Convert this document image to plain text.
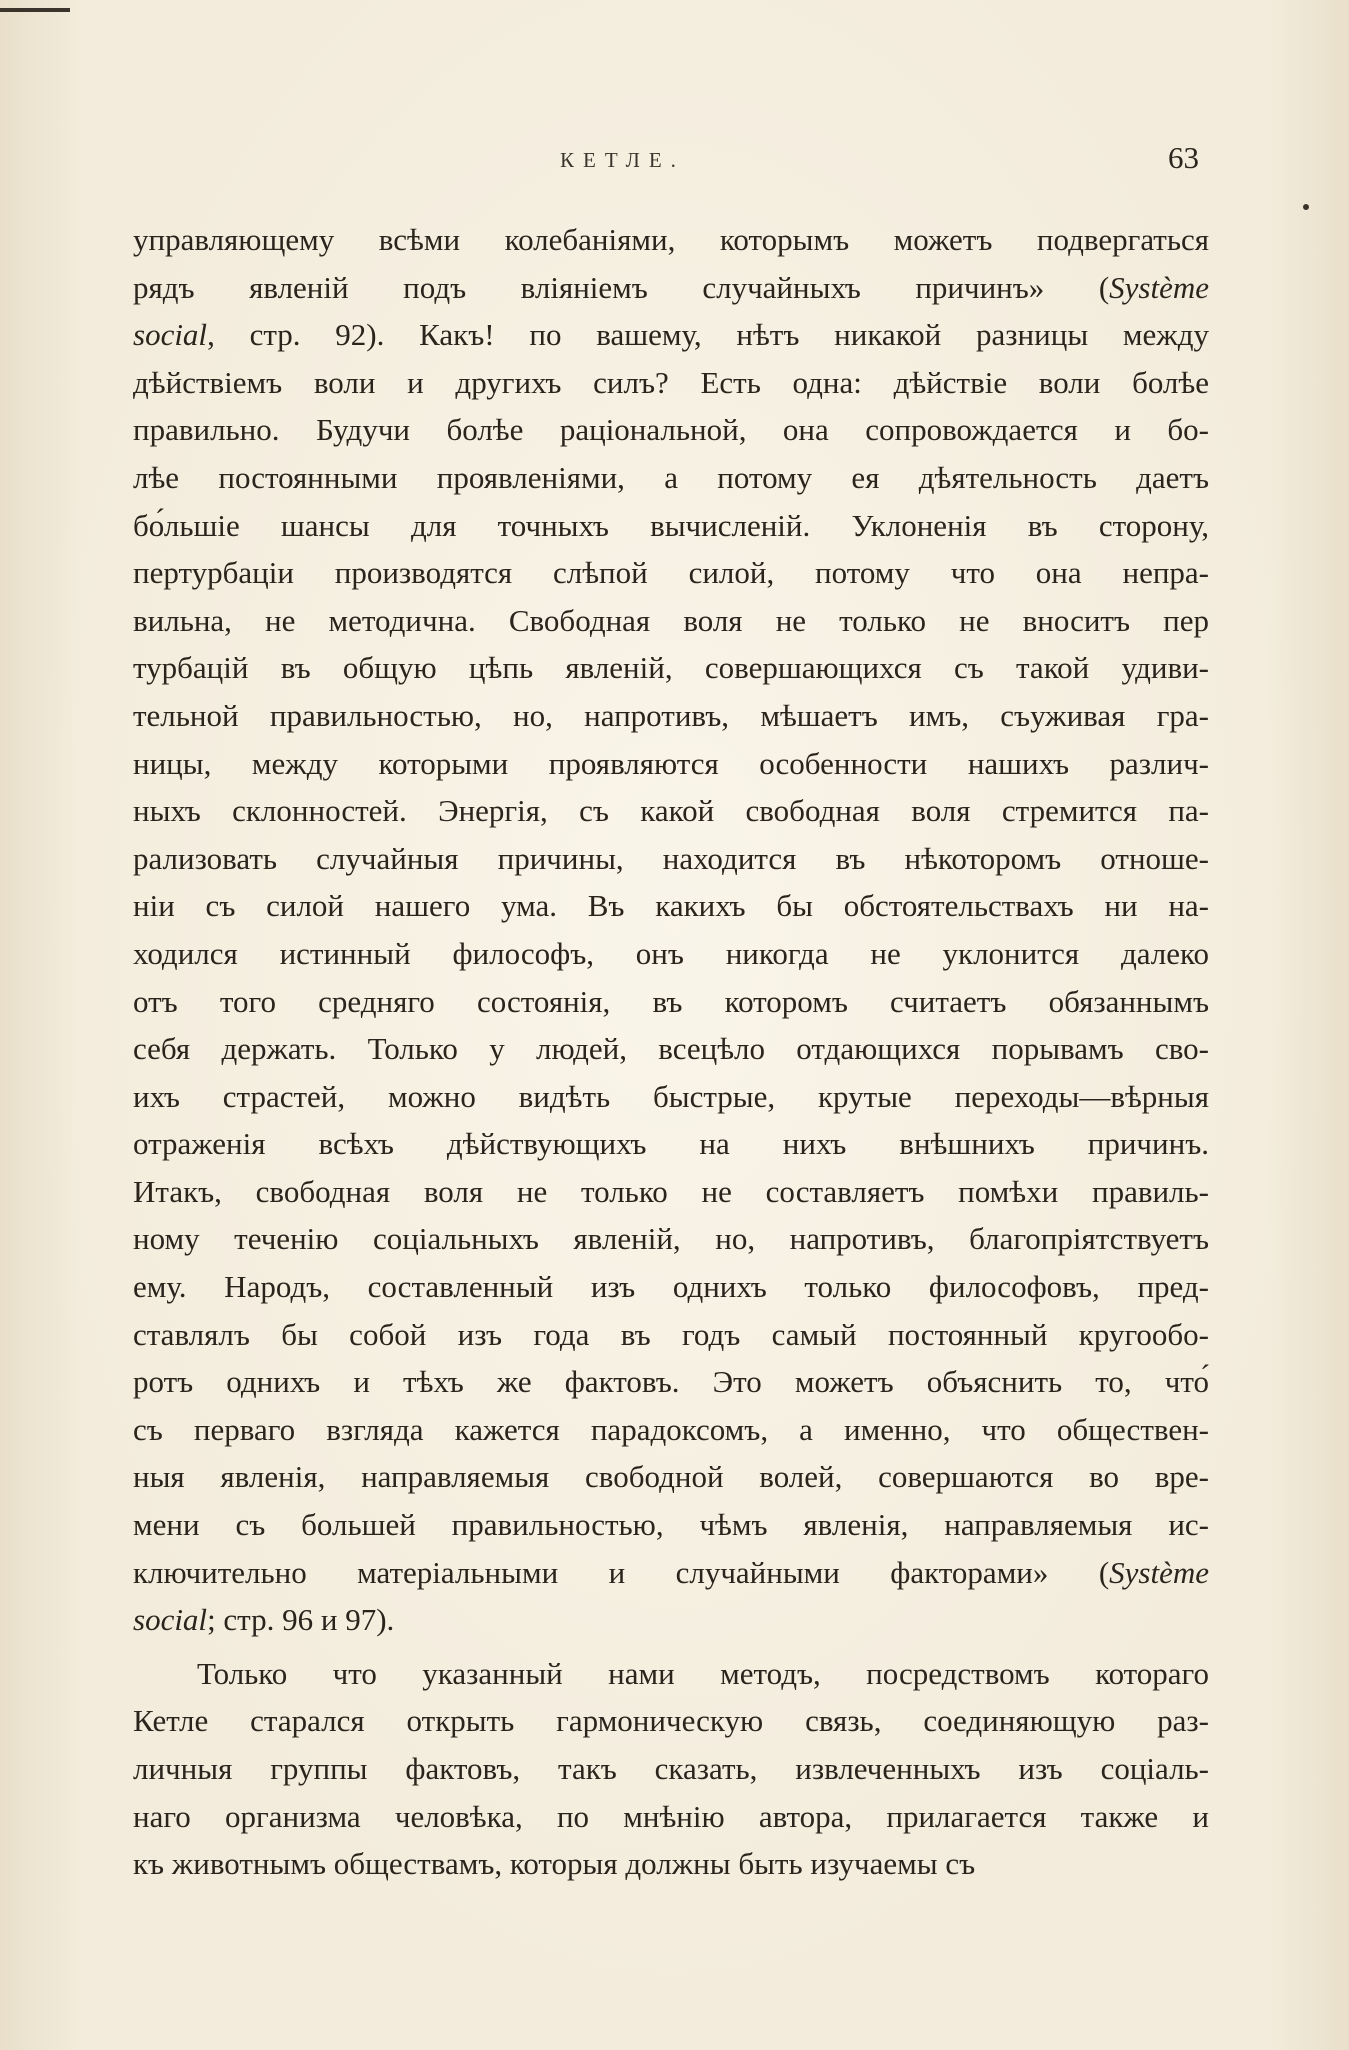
КЕТЛЕ.	63
управляющему всѣми колебаніями, которымъ можетъ подвергаться
рядъ явленій подъ вліяніемъ случайныхъ причинъ» (Système
social, стр. 92). Какъ! по вашему, нѣтъ никакой разницы между
дѣйствіемъ воли и другихъ силъ? Есть одна: дѣйствіе воли болѣе
правильно. Будучи болѣе раціональной, она сопровождается и бо-
лѣе постоянными проявленіями, а потому ея дѣятельность даетъ
бо́льшіе шансы для точныхъ вычисленій. Уклоненія въ сторону,
пертурбаціи производятся слѣпой силой, потому что она непра-
вильна, не методична. Свободная воля не только не вноситъ пер
турбацій въ общую цѣпь явленій, совершающихся съ такой удиви-
тельной правильностью, но, напротивъ, мѣшаетъ имъ, съуживая гра-
ницы, между которыми проявляются особенности нашихъ различ-
ныхъ склонностей. Энергія, съ какой свободная воля стремится па-
рализовать случайныя причины, находится въ нѣкоторомъ отноше-
ніи съ силой нашего ума. Въ какихъ бы обстоятельствахъ ни на-
ходился истинный философъ, онъ никогда не уклонится далеко
отъ того средняго состоянія, въ которомъ считаетъ обязаннымъ
себя держать. Только у людей, всецѣло отдающихся порывамъ сво-
ихъ страстей, можно видѣть быстрые, крутые переходы—вѣрныя
отраженія всѣхъ дѣйствующихъ на нихъ внѣшнихъ причинъ.
Итакъ, свободная воля не только не составляетъ помѣхи правиль-
ному теченію соціальныхъ явленій, но, напротивъ, благопріятствуетъ
ему. Народъ, составленный изъ однихъ только философовъ, пред-
ставлялъ бы собой изъ года въ годъ самый постоянный кругообо-
ротъ однихъ и тѣхъ же фактовъ. Это можетъ объяснить то, что́
съ перваго взгляда кажется парадоксомъ, а именно, что обществен-
ныя явленія, направляемыя свободной волей, совершаются во вре-
мени съ большей правильностью, чѣмъ явленія, направляемыя ис-
ключительно матеріальными и случайными факторами» (Système
social; стр. 96 и 97).
Только что указанный нами методъ, посредствомъ котораго
Кетле старался открыть гармоническую связь, соединяющую раз-
личныя группы фактовъ, такъ сказать, извлеченныхъ изъ соціаль-
наго организма человѣка, по мнѣнію автора, прилагается также и
къ животнымъ обществамъ, которыя должны быть изучаемы съ
